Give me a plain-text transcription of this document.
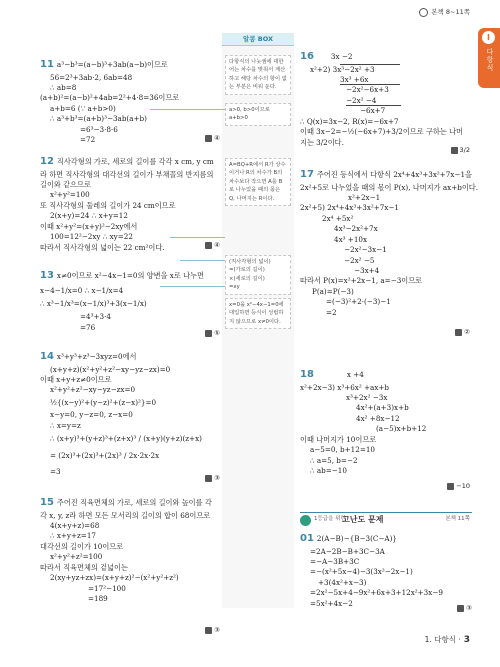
본책 8~11쪽
I
다항식
알콩 BOX
다항식의 나눗셈에 대한 어는 차수를 맞춰서 계산하고 해당 차수의 항이 없는 부분은 비워 둔다.
a>0, b>0이므로
a+b>0
A=BQ+R에서 R가 상수이거나 R의 차수가 B의 차수보다 작으면 A를 B로 나누었을 때의 몫은 Q, 나머지는 R이다.
(직사각형의 넓이)
=(가로의 길이)
×(세로의 길이)
=xy
x=0을 x²−4x−1=0에 대입하면 등식이 성립하지 않으므로 x≠0이다.
11 a³−b³=(a−b)³+3ab(a−b)이므로
56=2³+3ab·2, 6ab=48
∴ ab=8
(a+b)²=(a−b)²+4ab=2²+4·8=36이므로
a+b=6 (∵ a+b>0)
∴ a³+b³=(a+b)³−3ab(a+b)
=6³−3·8·6
=72	④
12 직사각형의 가로, 세로의 길이를 각각 x cm, y cm
라 하면 직사각형의 대각선의 길이가 부채꼴의 반지름의
길이와 같으므로
x²+y²=100
또 직사각형의 둘레의 길이가 24 cm이므로
2(x+y)=24 ∴ x+y=12
이때 x²+y²=(x+y)²−2xy에서
100=12²−2xy ∴ xy=22
따라서 직사각형의 넓이는 22 cm²이다.	④
13 x≠0이므로 x²−4x−1=0의 양변을 x로 나누면
x−4−1/x=0 ∴ x−1/x=4
∴ x³−1/x³=(x−1/x)³+3(x−1/x)
=4³+3·4
=76
⑤
14 x³+y³+z³−3xyz=0에서
(x+y+z)(x²+y²+z²−xy−yz−zx)=0
이때 x+y+z≠0이므로
x²+y²+z²−xy−yz−zx=0
½{(x−y)²+(y−z)²+(z−x)²}=0
x−y=0, y−z=0, z−x=0
∴ x=y=z
∴ (x+y)³+(y+z)³+(z+x)³ / (x+y)(y+z)(z+x)
= (2x)³+(2x)³+(2x)³ / 2x·2x·2x
=3
③
15 주어진 직육면체의 가로, 세로의 길이와 높이를 각
각 x, y, z라 하면 모든 모서리의 길이의 합이 68이므로
4(x+y+z)=68
∴ x+y+z=17
대각선의 길이가 10이므로
x²+y²+z²=100
따라서 직육면체의 겉넓이는
2(xy+yz+zx)=(x+y+z)²−(x²+y²+z²)
=17²−100
=189
③
16 3x −2
x²+2) 3x³−2x² +3
3x³ +6x
−2x²−6x+3
−2x² −4
−6x+7
∴ Q(x)=3x−2, R(x)=−6x+7
이때 3x−2=−½(−6x+7)+3/2이므로 구하는 나머
지는 3/2이다.
3/2
17 주어진 등식에서 다항식 2x⁴+4x³+3x²+7x−1을
2x²+5로 나누었을 때의 몫이 P(x), 나머지가 ax+b이다.
x²+2x−1
2x²+5) 2x⁴+4x³+3x²+7x−1
2x⁴ +5x²
4x³−2x²+7x
4x³ +10x
−2x²−3x−1
−2x² −5
−3x+4
따라서 P(x)=x²+2x−1, a=−3이므로
P(a)=P(−3)
=(−3)²+2·(−3)−1
=2
②
18	x +4
x²+2x−3) x³+6x² +ax+b
x³+2x² −3x
4x²+(a+3)x+b
4x² +8x−12
(a−5)x+b+12
이때 나머지가 10이므로
a−5=0, b+12=10
∴ a=5, b=−2
∴ ab=−10
−10
1등급을 위한
고난도 문제	본책 11쪽
01 2(A−B)−{B−3(C−A)}
=2A−2B−B+3C−3A
=−A−3B+3C
=−(x²+5x−4)−3(3x²−2x−1)
+3(4x²+x−3)
=2x²−5x+4−9x²+6x+3+12x²+3x−9
=5x²+4x−2
③
1. 다항식 · 3
